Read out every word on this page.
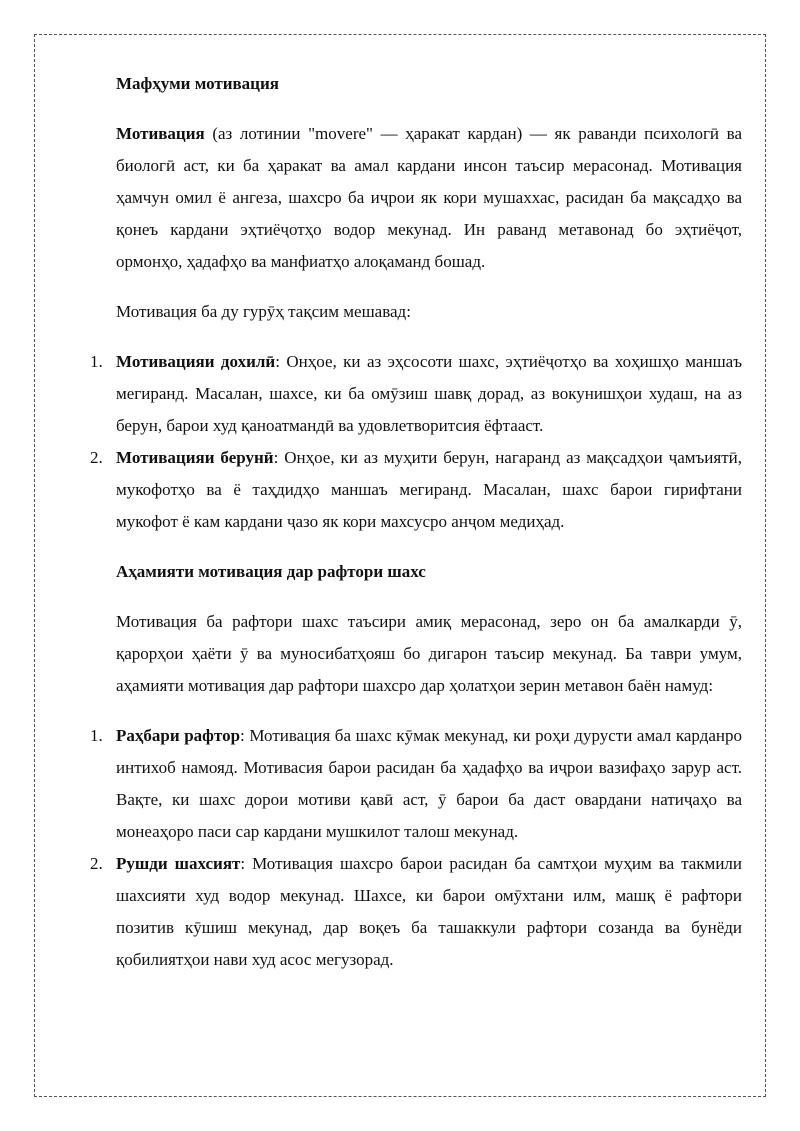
Мафҳуми мотивация

Мотивация (аз лотинии "movere" — ҳаракат кардан) — як раванди психологӣ ва биологӣ аст, ки ба ҳаракат ва амал кардани инсон таъсир мерасонад. Мотивация ҳамчун омил ё ангеза, шахсро ба иҷрои як кори мушаххас, расидан ба мақсадҳо ва қонеъ кардани эҳтиёҷотҳо водор мекунад. Ин раванд метавонад бо эҳтиёҷот, ормонҳо, ҳадафҳо ва манфиатҳо алоқаманд бошад.

Мотивация ба ду гурӯҳ тақсим мешавад:

1. Мотивацияи дохилӣ: Онҳое, ки аз эҳсосоти шахс, эҳтиёҷотҳо ва хоҳишҳо маншаъ мегиранд. Масалан, шахсе, ки ба омӯзиш шавқ дорад, аз вокунишҳои худаш, на аз берун, барои худ қаноатмандӣ ва удовлетворитсия ёфтааст.
2. Мотивацияи берунӣ: Онҳое, ки аз муҳити берун, нагаранд аз мақсадҳои ҷамъиятӣ, мукофотҳо ва ё таҳдидҳо маншаъ мегиранд. Масалан, шахс барои гирифтани мукофот ё кам кардани ҷазо як кори махсусро анҷом медиҳад.
Аҳамияти мотивация дар рафтори шахс

Мотивация ба рафтори шахс таъсири амиқ мерасонад, зеро он ба амалкарди ӯ, қарорҳои ҳаёти ӯ ва муносибатҳояш бо дигарон таъсир мекунад. Ба таври умум, аҳамияти мотивация дар рафтори шахсро дар ҳолатҳои зерин метавон баён намуд:

1. Раҳбари рафтор: Мотивация ба шахс кӯмак мекунад, ки роҳи дурусти амал карданро интихоб намояд. Мотивасия барои расидан ба ҳадафҳо ва иҷрои вазифаҳо зарур аст. Вақте, ки шахс дорои мотиви қавӣ аст, ӯ барои ба даст овардани натиҷаҳо ва монеаҳоро паси сар кардани мушкилот талош мекунад.
2. Рушди шахсият: Мотивация шахсро барои расидан ба самтҳои муҳим ва такмили шахсияти худ водор мекунад. Шахсе, ки барои омӯхтани илм, машқ ё рафтори позитив кӯшиш мекунад, дар воқеъ ба ташаккули рафтори созанда ва бунёди қобилиятҳои нави худ асос мегузорад.
